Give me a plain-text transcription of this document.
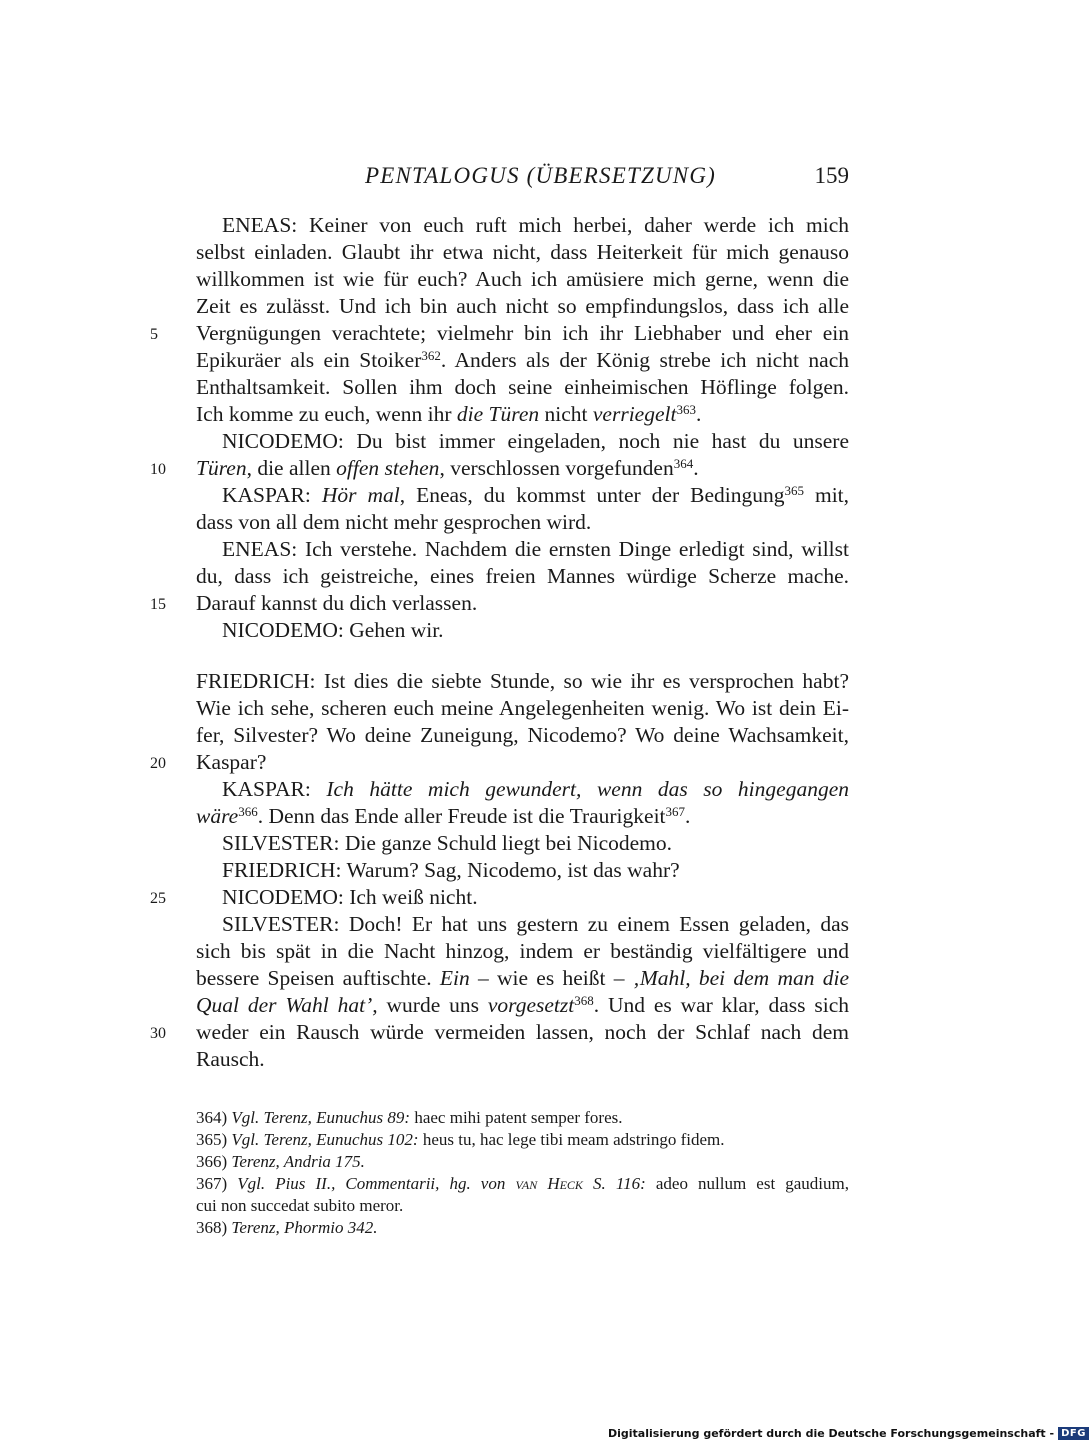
PENTALOGUS (ÜBERSETZUNG)	159
ENEAS: Keiner von euch ruft mich herbei, daher werde ich mich
selbst einladen. Glaubt ihr etwa nicht, dass Heiterkeit für mich genauso
willkommen ist wie für euch? Auch ich amüsiere mich gerne, wenn die
Zeit es zulässt. Und ich bin auch nicht so empfindungslos, dass ich alle
Vergnügungen verachtete; vielmehr bin ich ihr Liebhaber und eher ein
Epikuräer als ein Stoiker$^{362}$. Anders als der König strebe ich nicht nach
Enthaltsamkeit. Sollen ihm doch seine einheimischen Höflinge folgen.
Ich komme zu euch, wenn ihr die Türen nicht verriegelt$^{363}$.
NICODEMO: Du bist immer eingeladen, noch nie hast du unsere
Türen, die allen offen stehen, verschlossen vorgefunden$^{364}$.
KASPAR: Hör mal, Eneas, du kommst unter der Bedingung$^{365}$ mit,
dass von all dem nicht mehr gesprochen wird.
ENEAS: Ich verstehe. Nachdem die ernsten Dinge erledigt sind, willst
du, dass ich geistreiche, eines freien Mannes würdige Scherze mache.
Darauf kannst du dich verlassen.
NICODEMO: Gehen wir.
FRIEDRICH: Ist dies die siebte Stunde, so wie ihr es versprochen habt?
Wie ich sehe, scheren euch meine Angelegenheiten wenig. Wo ist dein Ei-
fer, Silvester? Wo deine Zuneigung, Nicodemo? Wo deine Wachsamkeit,
Kaspar?
KASPAR: Ich hätte mich gewundert, wenn das so hingegangen
wäre$^{366}$. Denn das Ende aller Freude ist die Traurigkeit$^{367}$.
SILVESTER: Die ganze Schuld liegt bei Nicodemo.
FRIEDRICH: Warum? Sag, Nicodemo, ist das wahr?
NICODEMO: Ich weiß nicht.
SILVESTER: Doch! Er hat uns gestern zu einem Essen geladen, das
sich bis spät in die Nacht hinzog, indem er beständig vielfältigere und
bessere Speisen auftischte. Ein – wie es heißt – ‚Mahl, bei dem man die
Qual der Wahl hat’, wurde uns vorgesetzt$^{368}$. Und es war klar, dass sich
weder ein Rausch würde vermeiden lassen, noch der Schlaf nach dem
Rausch.
5
10
15
20
25
30
364) Vgl. Terenz, Eunuchus 89: haec mihi patent semper fores.
365) Vgl. Terenz, Eunuchus 102: heus tu, hac lege tibi meam adstringo fidem.
366) Terenz, Andria 175.
367) Vgl. Pius II., Commentarii, hg. von van Heck S. 116: adeo nullum est gaudium,
cui non succedat subito meror.
368) Terenz, Phormio 342.
Digitalisierung gefördert durch die Deutsche Forschungsgemeinschaft - DFG
